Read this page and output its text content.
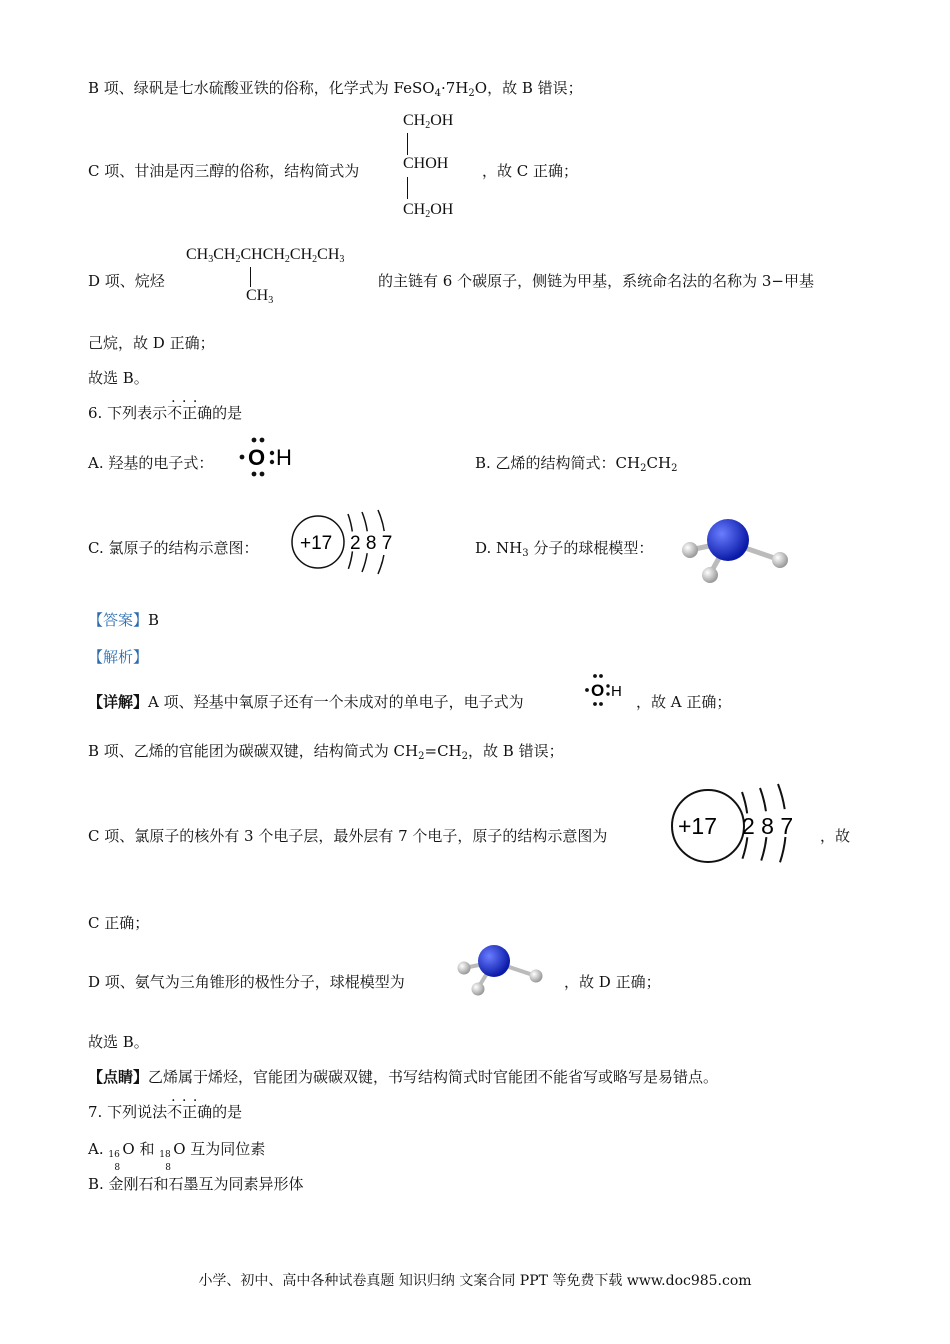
B 项、绿矾是七水硫酸亚铁的俗称，化学式为 $FeSO_4\cdot 7H_2O$，故 B 错误；
C 项、甘油是丙三醇的俗称，结构简式为
$CH_2OH$
CHOH
$CH_2OH$
，故 C 正确；
D 项、烷烃
$CH_3CH_2CHCH_2CH_2CH_3$
$CH_3$
的主链有 6 个碳原子，侧链为甲基，系统命名法的名称为 3−甲基
己烷，故 D 正确；
故选 B。
6. 下列表示· · · 不正确的是
A. 羟基的电子式： O H	B. 乙烯的结构简式：$CH_2CH_2$
C. 氯原子的结构示意图： +17 2 8 7	D. $NH_3$ 分子的球棍模型：
【答案】B
【解析】
【详解】A 项、羟基中氧原子还有一个未成对的单电子，电子式为
O H
，故 A 正确；
B 项、乙烯的官能团为碳碳双键，结构简式为 $CH_2=CH_2$，故 B 错误；
C 项、氯原子的核外有 3 个电子层，最外层有 7 个电子，原子的结构示意图为	+17 2 8 7 ，故
C 正确；
D 项、氨气为三角锥形的极性分子，球棍模型为	，故 D 正确；
故选 B。
【点睛】乙烯属于烯烃，官能团为碳碳双键，书写结构简式时官能团不能省写或略写是易错点。
7. 下列说法· · · 不正确的是
A. 16
8
O 和 18
8
O 互为同位素
B. 金刚石和石墨互为同素异形体
小学、初中、高中各种试卷真题 知识归纳 文案合同 PPT 等免费下载 www.doc985.com
